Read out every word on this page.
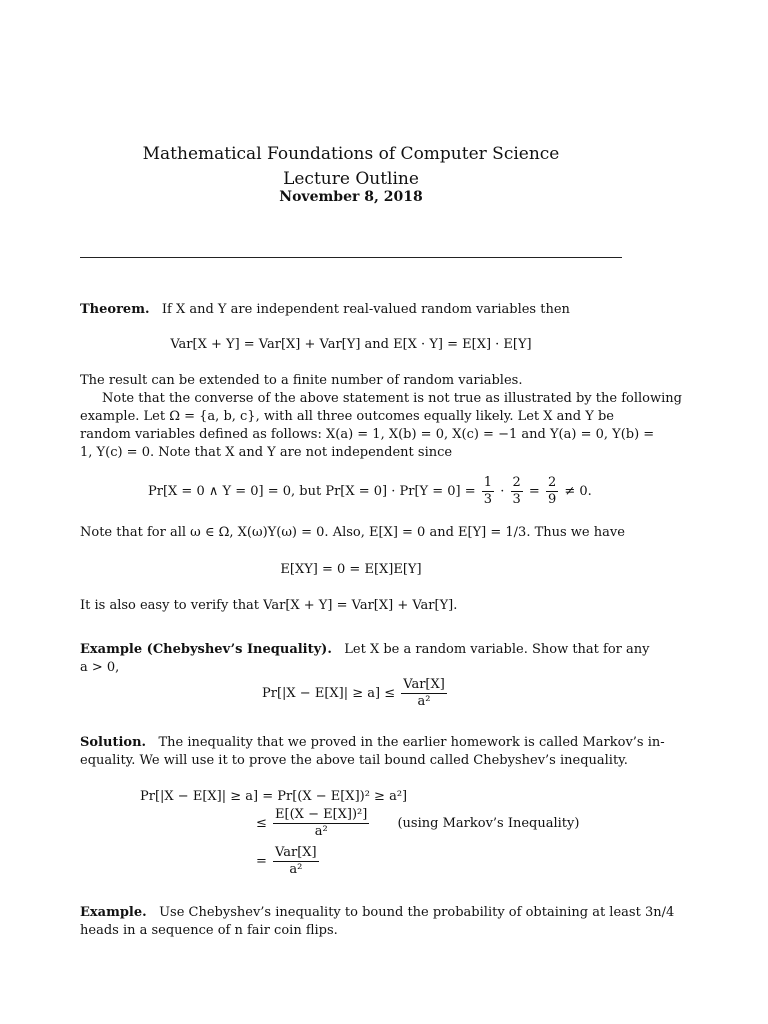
Mathematical Foundations of Computer Science
Lecture Outline
November 8, 2018
Theorem. If X and Y are independent real-valued random variables then
Var[X + Y] = Var[X] + Var[Y] and E[X · Y] = E[X] · E[Y]
The result can be extended to a finite number of random variables.
Note that the converse of the above statement is not true as illustrated by the following
example. Let Ω = {a, b, c}, with all three outcomes equally likely. Let X and Y be
random variables defined as follows: X(a) = 1, X(b) = 0, X(c) = −1 and Y(a) = 0, Y(b) =
1, Y(c) = 0. Note that X and Y are not independent since
Pr[X = 0 ∧ Y = 0] = 0, but $Pr[X = 0] \cdot Pr[Y = 0] = \frac{1}{3} \cdot \frac{2}{3} = \frac{2}{9} \ne 0$.
Note that for all ω ∈ Ω, X(ω)Y(ω) = 0. Also, E[X] = 0 and E[Y] = 1/3. Thus we have
E[XY] = 0 = E[X]E[Y]
It is also easy to verify that Var[X + Y] = Var[X] + Var[Y].
Example (Chebyshev’s Inequality). Let X be a random variable. Show that for any
a > 0,
$Pr[|X - E[X]| \ge a] \le \frac{\text{Var[X]}}{\text{a²}}$
Solution. The inequality that we proved in the earlier homework is called Markov’s in-
equality. We will use it to prove the above tail bound called Chebyshev’s inequality.
Pr[|X − E[X]| ≥ a] = Pr[(X − E[X])² ≥ a²]
≤ $\frac{\text{E[(X − E[X])²]}}{\text{a²}} (using$ Markov’s Inequality)
= $\frac{\text{Var[X]}}{\text{a²}}$
Example. Use Chebyshev’s inequality to bound the probability of obtaining at least 3n/4
heads in a sequence of n fair coin flips.
